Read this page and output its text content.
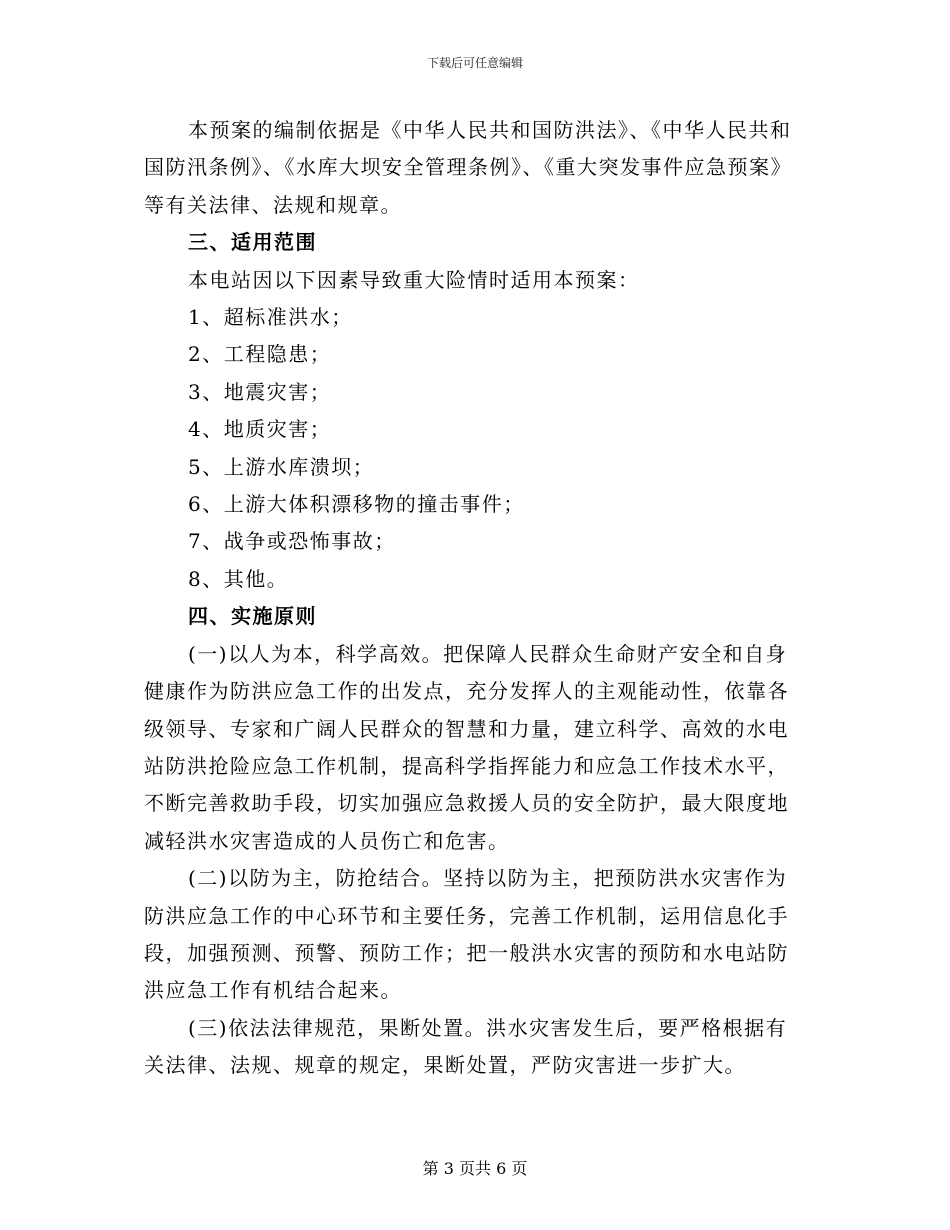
下载后可任意编辑

本预案的编制依据是《中华人民共和国防洪法》、《中华人民共和国防汛条例》、《水库大坝安全管理条例》、《重大突发事件应急预案》等有关法律、法规和规章。

三、适用范围

本电站因以下因素导致重大险情时适用本预案：

1、超标准洪水；

2、工程隐患；

3、地震灾害；

4、地质灾害；

5、上游水库溃坝；

6、上游大体积漂移物的撞击事件；

7、战争或恐怖事故；

8、其他。

四、实施原则

(一)以人为本，科学高效。把保障人民群众生命财产安全和自身健康作为防洪应急工作的出发点，充分发挥人的主观能动性，依靠各级领导、专家和广阔人民群众的智慧和力量，建立科学、高效的水电站防洪抢险应急工作机制，提高科学指挥能力和应急工作技术水平，不断完善救助手段，切实加强应急救援人员的安全防护，最大限度地减轻洪水灾害造成的人员伤亡和危害。

(二)以防为主，防抢结合。坚持以防为主，把预防洪水灾害作为防洪应急工作的中心环节和主要任务，完善工作机制，运用信息化手段，加强预测、预警、预防工作；把一般洪水灾害的预防和水电站防洪应急工作有机结合起来。

(三)依法法律规范，果断处置。洪水灾害发生后，要严格根据有关法律、法规、规章的规定，果断处置，严防灾害进一步扩大。

第 3 页共 6 页
